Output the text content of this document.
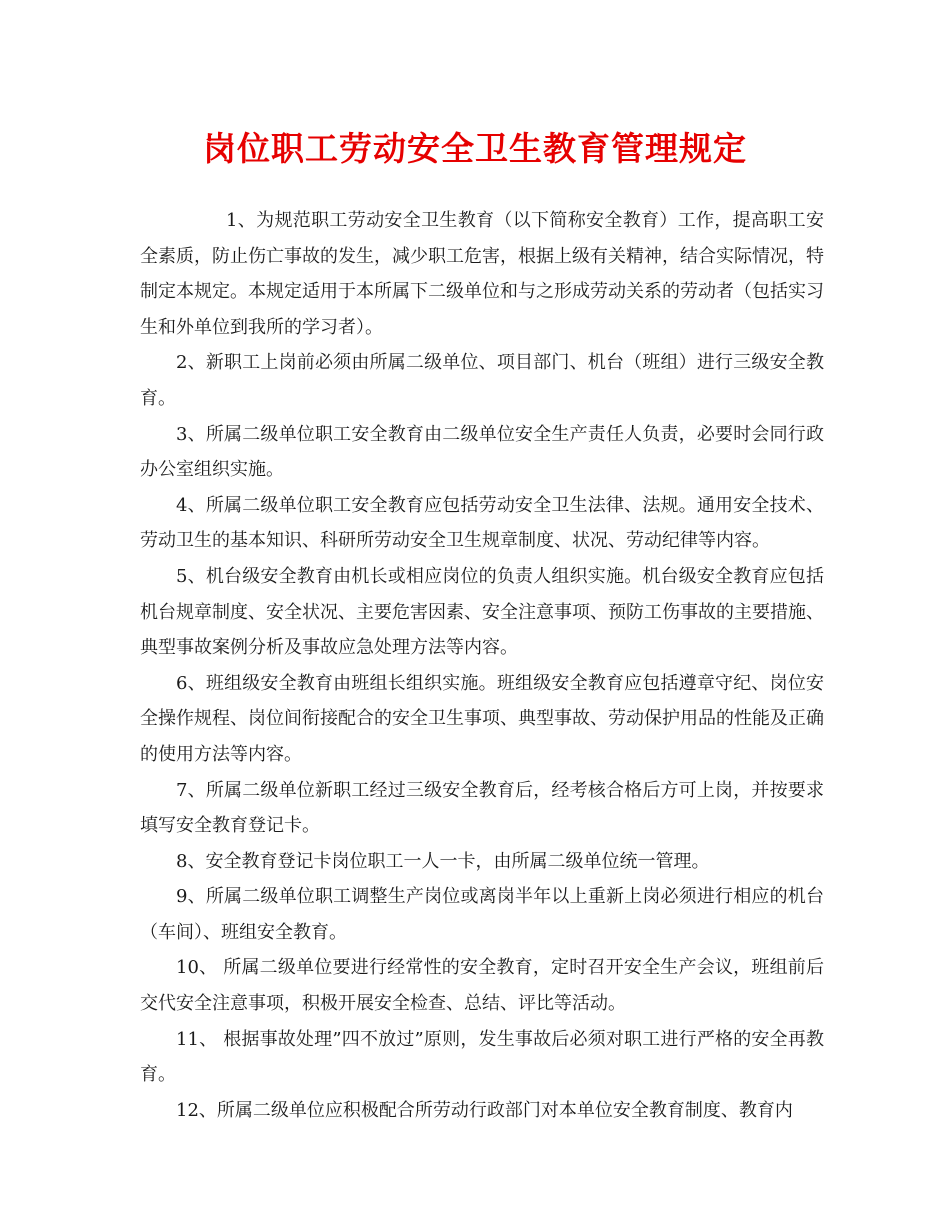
岗位职工劳动安全卫生教育管理规定

1、为规范职工劳动安全卫生教育（以下简称安全教育）工作，提高职工安全素质，防止伤亡事故的发生，减少职工危害，根据上级有关精神，结合实际情况，特制定本规定。本规定适用于本所属下二级单位和与之形成劳动关系的劳动者（包括实习生和外单位到我所的学习者）。

2、新职工上岗前必须由所属二级单位、项目部门、机台（班组）进行三级安全教育。

3、所属二级单位职工安全教育由二级单位安全生产责任人负责，必要时会同行政办公室组织实施。

4、所属二级单位职工安全教育应包括劳动安全卫生法律、法规。通用安全技术、劳动卫生的基本知识、科研所劳动安全卫生规章制度、状况、劳动纪律等内容。

5、机台级安全教育由机长或相应岗位的负责人组织实施。机台级安全教育应包括机台规章制度、安全状况、主要危害因素、安全注意事项、预防工伤事故的主要措施、典型事故案例分析及事故应急处理方法等内容。

6、班组级安全教育由班组长组织实施。班组级安全教育应包括遵章守纪、岗位安全操作规程、岗位间衔接配合的安全卫生事项、典型事故、劳动保护用品的性能及正确的使用方法等内容。

7、所属二级单位新职工经过三级安全教育后，经考核合格后方可上岗，并按要求填写安全教育登记卡。

8、安全教育登记卡岗位职工一人一卡，由所属二级单位统一管理。

9、所属二级单位职工调整生产岗位或离岗半年以上重新上岗必须进行相应的机台（车间）、班组安全教育。

10、 所属二级单位要进行经常性的安全教育，定时召开安全生产会议，班组前后交代安全注意事项，积极开展安全检查、总结、评比等活动。

11、 根据事故处理”四不放过”原则，发生事故后必须对职工进行严格的安全再教育。

12、所属二级单位应积极配合所劳动行政部门对本单位安全教育制度、教育内
